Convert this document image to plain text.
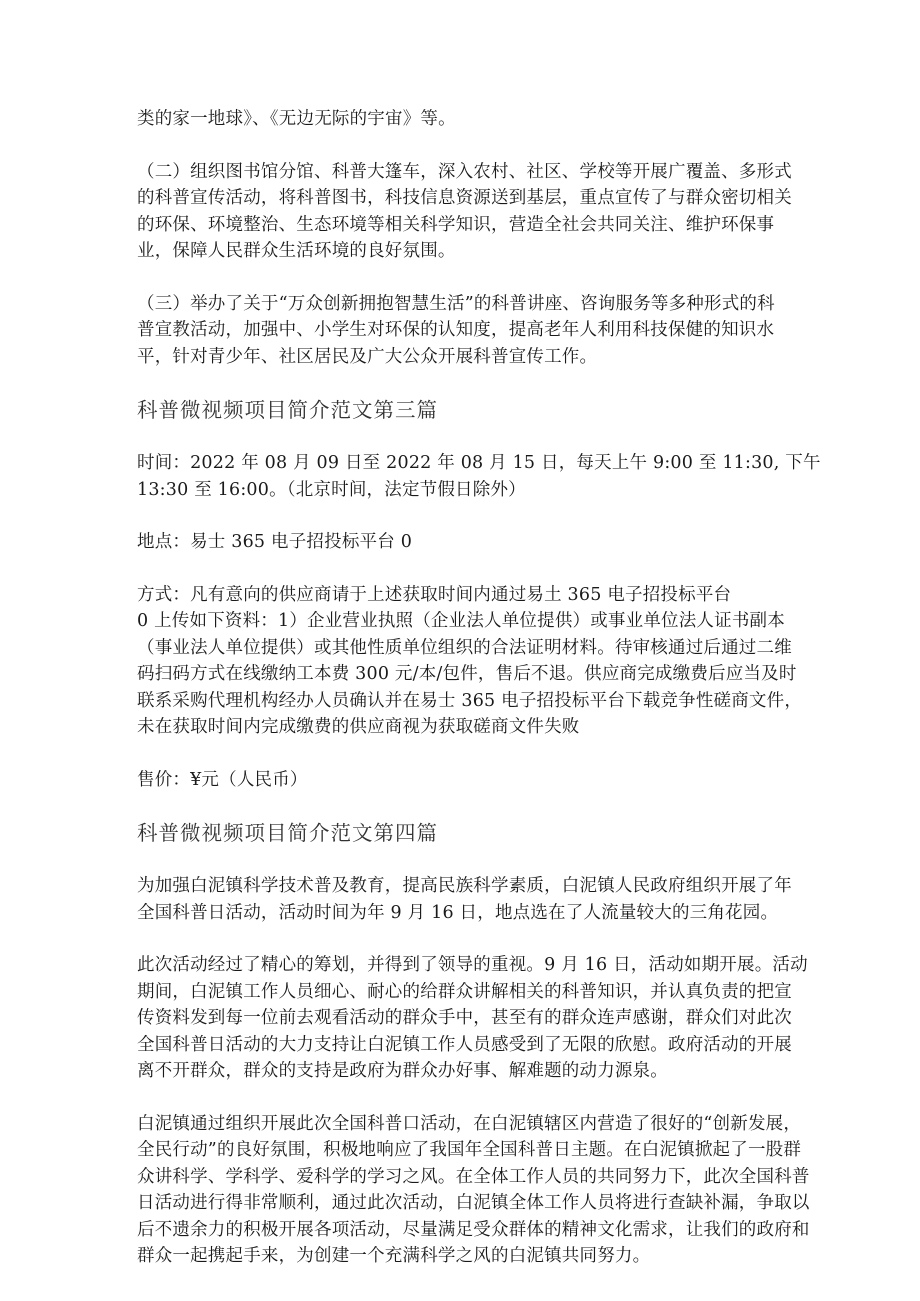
类的家一地球》、《无边无际的宇宙》等。
（二）组织图书馆分馆、科普大篷车，深入农村、社区、学校等开展广覆盖、多形式
的科普宣传活动，将科普图书，科技信息资源送到基层，重点宣传了与群众密切相关
的环保、环境整治、生态环境等相关科学知识，营造全社会共同关注、维护环保事
业，保障人民群众生活环境的良好氛围。
（三）举办了关于“万众创新拥抱智慧生活”的科普讲座、咨询服务等多种形式的科
普宣教活动，加强中、小学生对环保的认知度，提高老年人利用科技保健的知识水
平，针对青少年、社区居民及广大公众开展科普宣传工作。
科普微视频项目简介范文第三篇
时间：2022 年 08 月 09 日至 2022 年 08 月 15 日，每天上午 9:00 至 11:30, 下午
13:30 至 16:00。（北京时间，法定节假日除外）
地点：易士 365 电子招投标平台 0
方式：凡有意向的供应商请于上述获取时间内通过易土 365 电子招投标平台
0 上传如下资料：1）企业营业执照（企业法人单位提供）或事业单位法人证书副本
（事业法人单位提供）或其他性质单位组织的合法证明材料。待审核通过后通过二维
码扫码方式在线缴纳工本费 300 元/本/包件，售后不退。供应商完成缴费后应当及时
联系采购代理机构经办人员确认并在易士 365 电子招投标平台下载竞争性磋商文件，
未在获取时间内完成缴费的供应商视为获取磋商文件失败
售价：¥元（人民币）
科普微视频项目简介范文第四篇
为加强白泥镇科学技术普及教育，提高民族科学素质，白泥镇人民政府组织开展了年
全国科普日活动，活动时间为年 9 月 16 日，地点选在了人流量较大的三角花园。
此次活动经过了精心的筹划，并得到了领导的重视。9 月 16 日，活动如期开展。活动
期间，白泥镇工作人员细心、耐心的给群众讲解相关的科普知识，并认真负责的把宣
传资料发到每一位前去观看活动的群众手中，甚至有的群众连声感谢，群众们对此次
全国科普日活动的大力支持让白泥镇工作人员感受到了无限的欣慰。政府活动的开展
离不开群众，群众的支持是政府为群众办好事、解难题的动力源泉。
白泥镇通过组织开展此次全国科普口活动，在白泥镇辖区内营造了很好的“创新发展，
全民行动”的良好氛围，积极地响应了我国年全国科普日主题。在白泥镇掀起了一股群
众讲科学、学科学、爱科学的学习之风。在全体工作人员的共同努力下，此次全国科普
日活动进行得非常顺利，通过此次活动，白泥镇全体工作人员将进行查缺补漏，争取以
后不遗余力的积极开展各项活动，尽量满足受众群体的精神文化需求，让我们的政府和
群众一起携起手来，为创建一个充满科学之风的白泥镇共同努力。
